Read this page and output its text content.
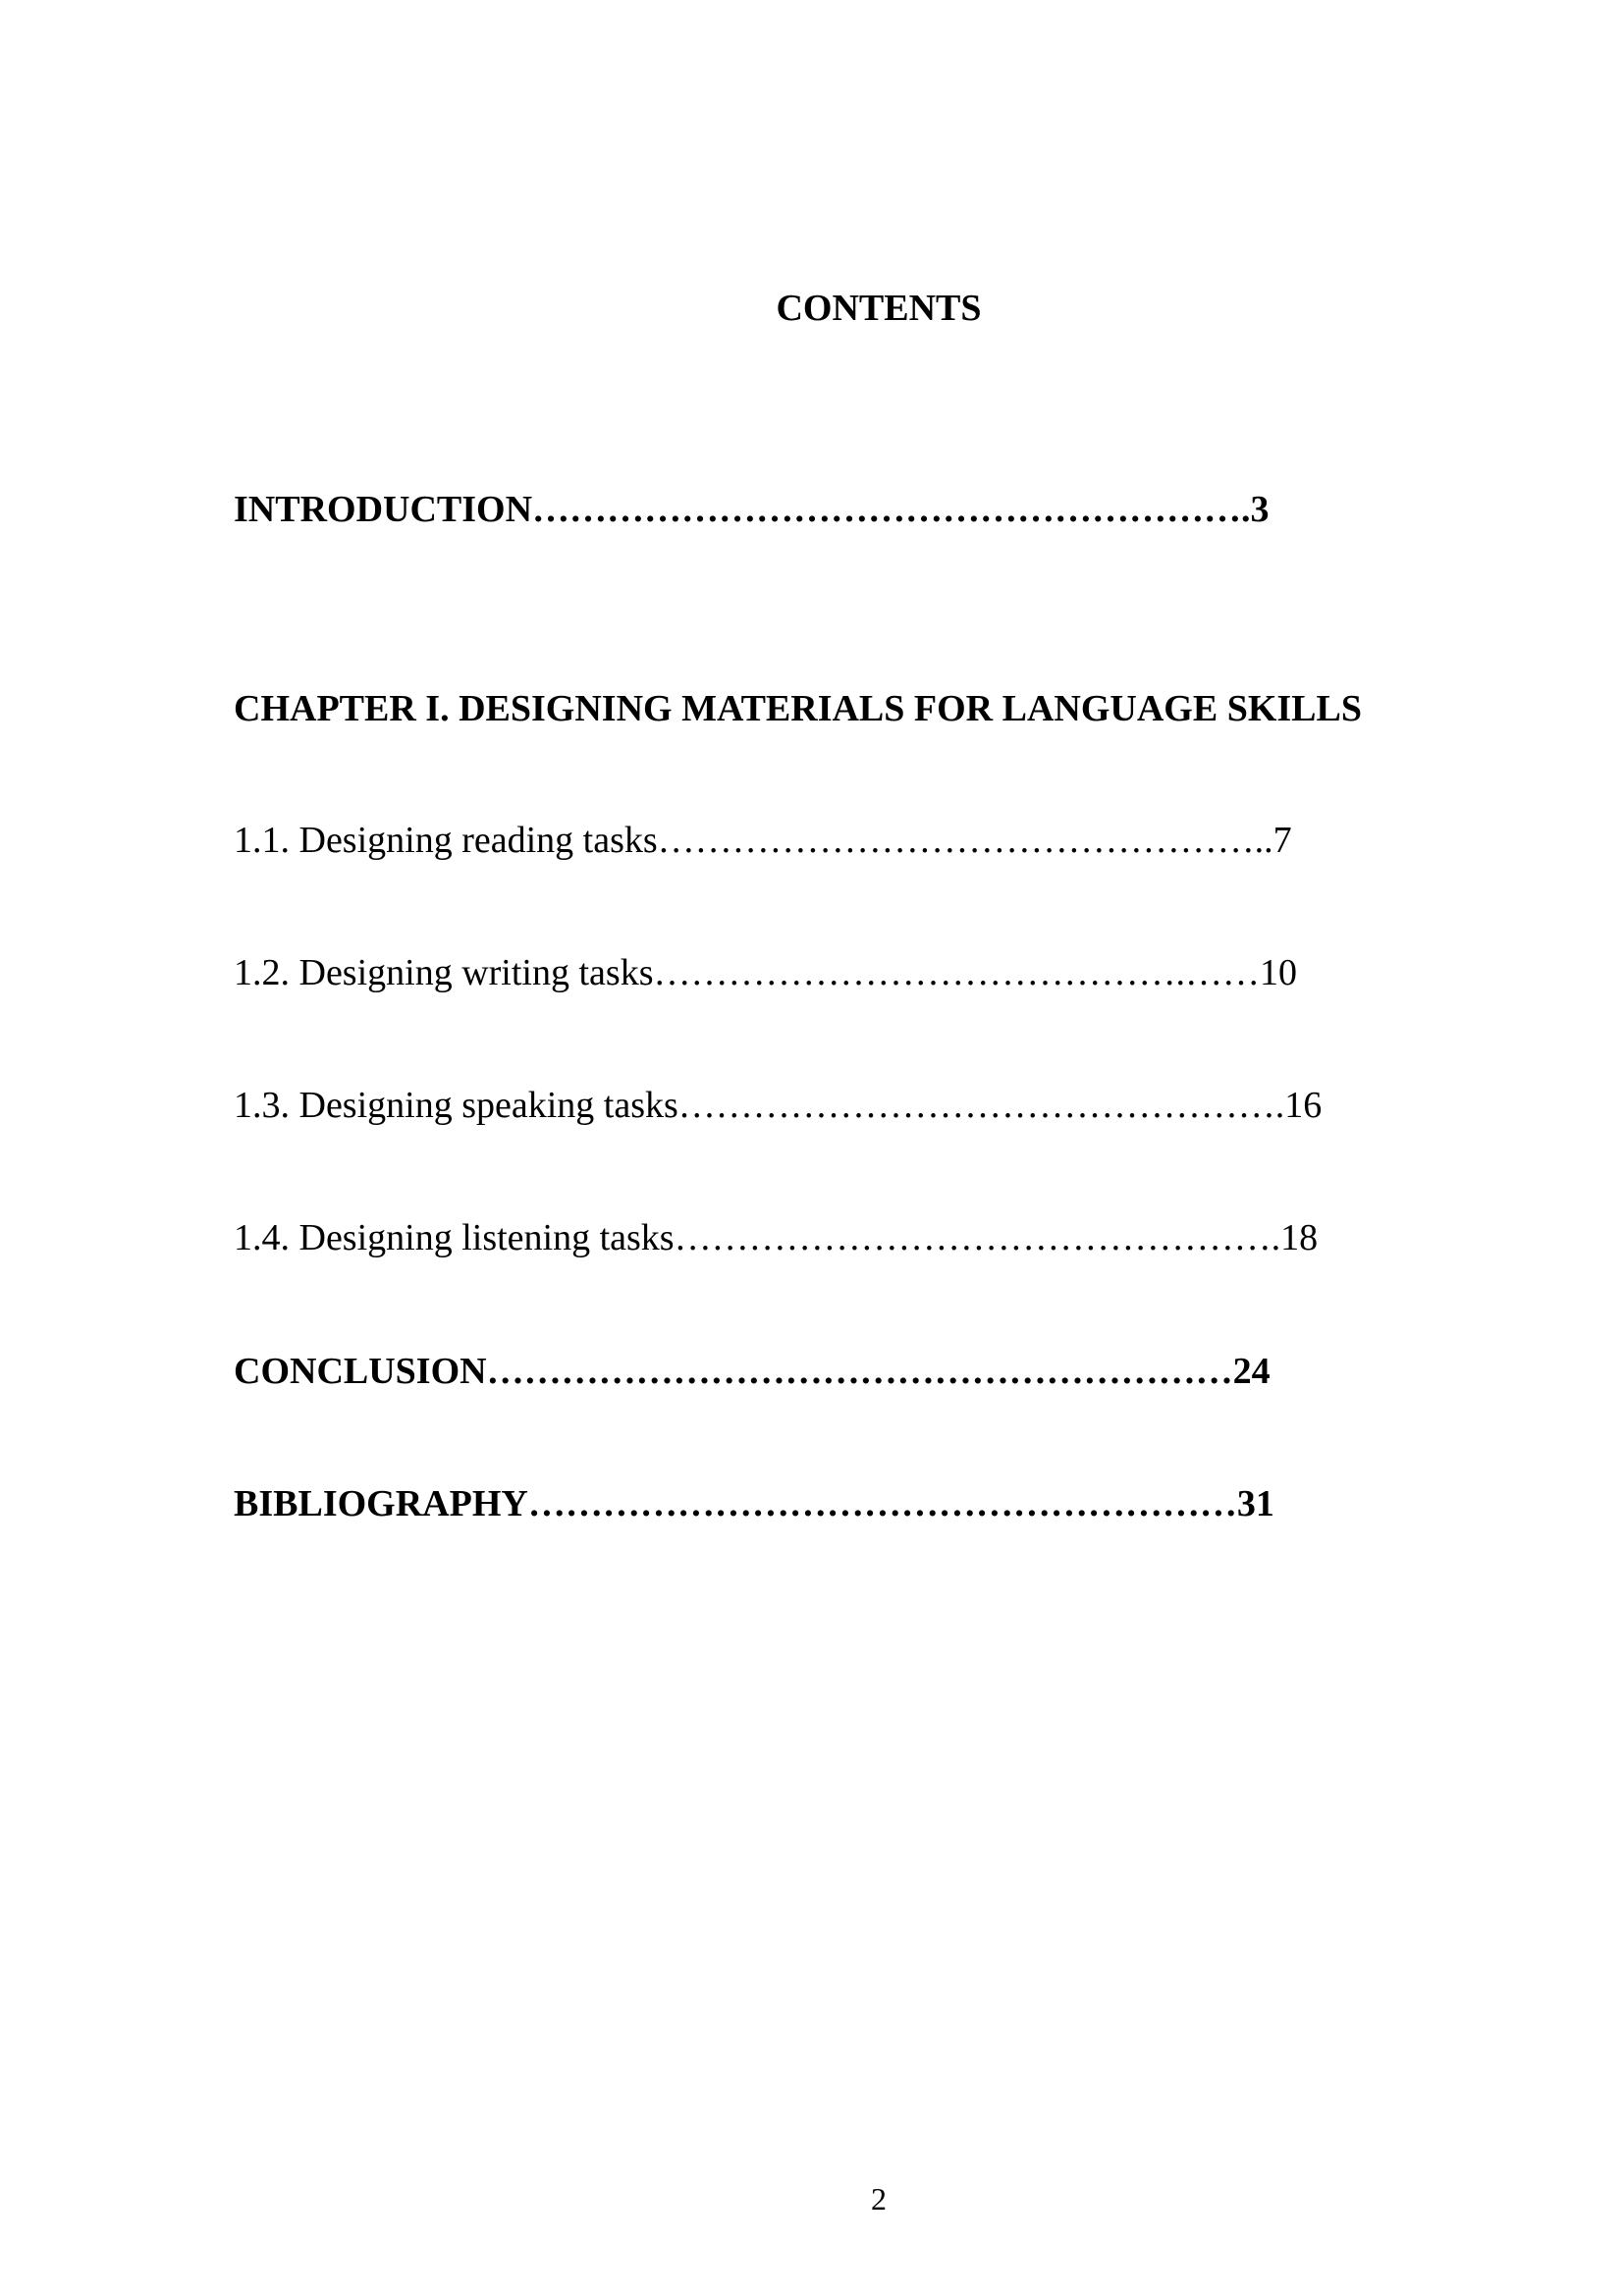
CONTENTS
INTRODUCTION………………………………………………….3
CHAPTER I. DESIGNING MATERIALS FOR LANGUAGE SKILLS
1.1. Designing reading tasks…………………………………………..7
1.2. Designing writing tasks…………………………………….……10
1.3. Designing speaking tasks………………………………………….16
1.4. Designing listening tasks………………………………………….18
CONCLUSION……………………………………………………24
BIBLIOGRAPHY…………………………………………………31
2
